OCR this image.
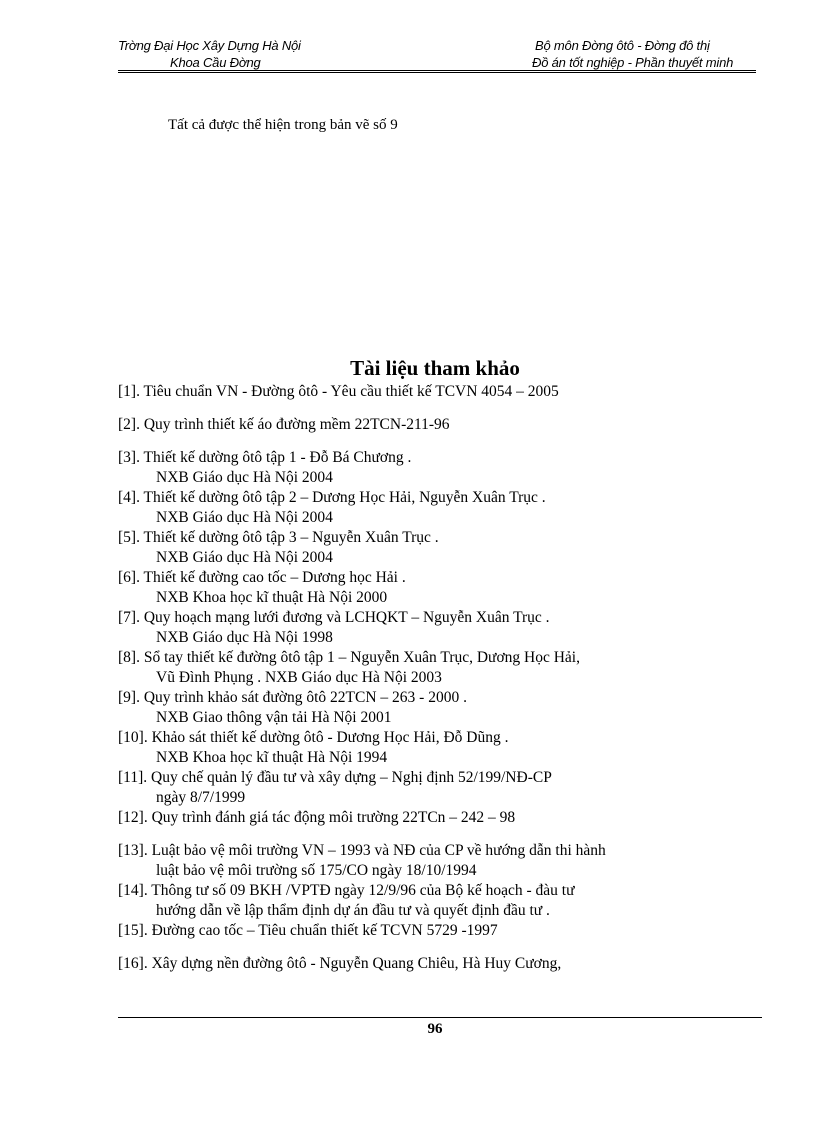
Trờng Đại Học Xây Dựng Hà Nội
Khoa Cầu Đờng
Bộ môn Đờng ôtô - Đờng đô thị
Đồ án tốt nghiệp - Phần thuyết minh
Tất cả được thể hiện trong bản vẽ số 9
Tài liệu tham khảo
[1]. Tiêu chuẩn VN - Đường ôtô - Yêu cầu thiết kế TCVN 4054 – 2005
[2]. Quy trình thiết kế áo đường mềm 22TCN-211-96
[3]. Thiết kế dường ôtô tập 1 - Đỗ Bá Chương .
NXB Giáo dục Hà Nội 2004
[4]. Thiết kế dường ôtô tập 2 – Dương Học Hải, Nguyễn Xuân Trục .
NXB Giáo dục Hà Nội 2004
[5]. Thiết kế dường ôtô tập 3 – Nguyễn Xuân Trục .
NXB Giáo dục Hà Nội 2004
[6]. Thiết kế đường cao tốc – Dương học Hải .
NXB Khoa học kĩ thuật Hà Nội 2000
[7]. Quy hoạch mạng lưới đương và LCHQKT – Nguyễn Xuân Trục .
NXB Giáo dục Hà Nội 1998
[8]. Sổ tay thiết kế đường ôtô tập 1 – Nguyễn Xuân Trục, Dương Học Hải,
Vũ Đình Phụng . NXB Giáo dục Hà Nội 2003
[9]. Quy trình khảo sát đường ôtô 22TCN – 263 - 2000 .
NXB Giao thông vận tải Hà Nội 2001
[10]. Khảo sát thiết kế dường ôtô - Dương Học Hải, Đỗ Dũng .
NXB Khoa học kĩ thuật Hà Nội 1994
[11]. Quy chế quản lý đầu tư và xây dựng – Nghị định 52/199/NĐ-CP
ngày 8/7/1999
[12]. Quy trình đánh giá tác động môi trường 22TCn – 242 – 98
[13]. Luật bảo vệ môi trường VN – 1993 và NĐ của CP về hướng dẫn thi hành
luật bảo vệ môi trường số 175/CO ngày 18/10/1994
[14]. Thông tư số 09 BKH /VPTĐ ngày 12/9/96 của Bộ kế hoạch - đàu tư
hướng dẫn về lập thẩm định dự án đầu tư và quyết định đầu tư .
[15]. Đường cao tốc – Tiêu chuẩn thiết kế TCVN 5729 -1997
[16]. Xây dựng nền đường ôtô - Nguyễn Quang Chiêu, Hà Huy Cương,
96
